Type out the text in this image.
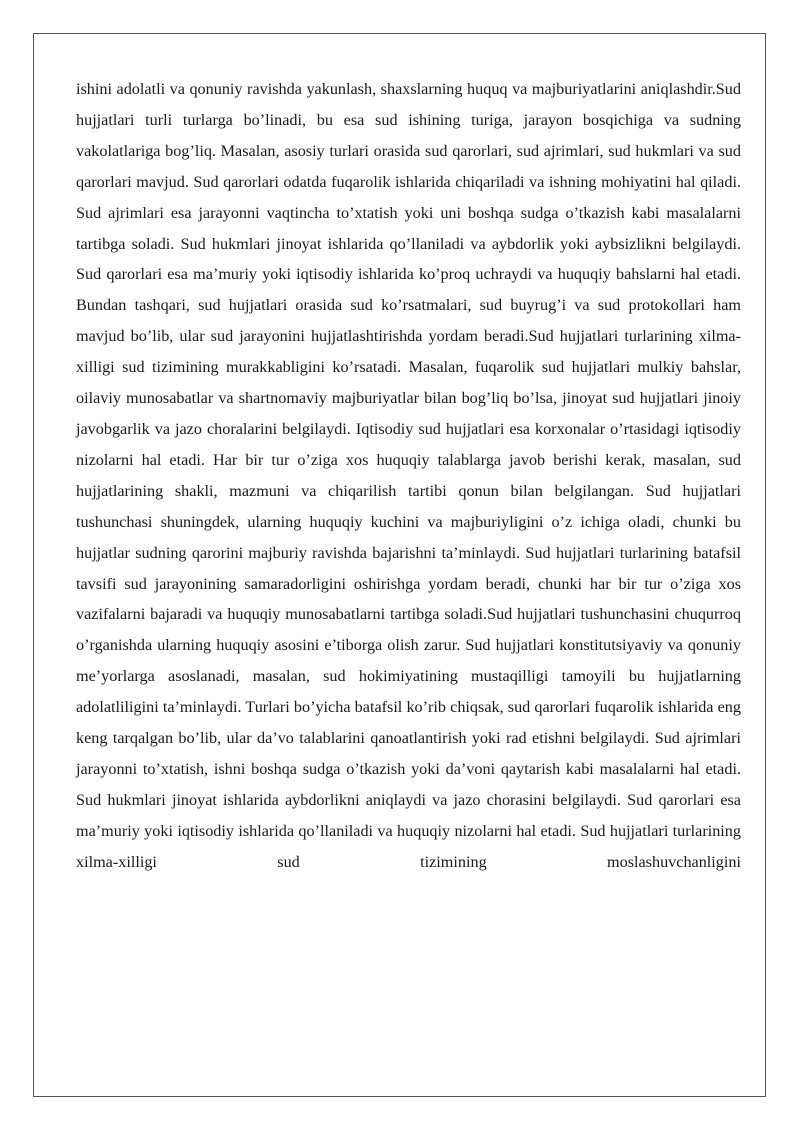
ishini adolatli va qonuniy ravishda yakunlash, shaxslarning huquq va majburiyatlarini aniqlashdir.Sud hujjatlari turli turlarga bo’linadi, bu esa sud ishining turiga, jarayon bosqichiga va sudning vakolatlariga bog’liq. Masalan, asosiy turlari orasida sud qarorlari, sud ajrimlari, sud hukmlari va sud qarorlari mavjud. Sud qarorlari odatda fuqarolik ishlarida chiqariladi va ishning mohiyatini hal qiladi. Sud ajrimlari esa jarayonni vaqtincha to’xtatish yoki uni boshqa sudga o’tkazish kabi masalalarni tartibga soladi. Sud hukmlari jinoyat ishlarida qo’llaniladi va aybdorlik yoki aybsizlikni belgilaydi. Sud qarorlari esa ma’muriy yoki iqtisodiy ishlarida ko’proq uchraydi va huquqiy bahslarni hal etadi. Bundan tashqari, sud hujjatlari orasida sud ko’rsatmalari, sud buyrug’i va sud protokollari ham mavjud bo’lib, ular sud jarayonini hujjatlashtirishda yordam beradi.Sud hujjatlari turlarining xilma-xilligi sud tizimining murakkabligini ko’rsatadi. Masalan, fuqarolik sud hujjatlari mulkiy bahslar, oilaviy munosabatlar va shartnomaviy majburiyatlar bilan bog’liq bo’lsa, jinoyat sud hujjatlari jinoiy javobgarlik va jazo choralarini belgilaydi. Iqtisodiy sud hujjatlari esa korxonalar o’rtasidagi iqtisodiy nizolarni hal etadi. Har bir tur o’ziga xos huquqiy talablarga javob berishi kerak, masalan, sud hujjatlarining shakli, mazmuni va chiqarilish tartibi qonun bilan belgilangan. Sud hujjatlari tushunchasi shuningdek, ularning huquqiy kuchini va majburiyligini o’z ichiga oladi, chunki bu hujjatlar sudning qarorini majburiy ravishda bajarishni ta’minlaydi. Sud hujjatlari turlarining batafsil tavsifi sud jarayonining samaradorligini oshirishga yordam beradi, chunki har bir tur o’ziga xos vazifalarni bajaradi va huquqiy munosabatlarni tartibga soladi.Sud hujjatlari tushunchasini chuqurroq o’rganishda ularning huquqiy asosini e’tiborga olish zarur. Sud hujjatlari konstitutsiyaviy va qonuniy me’yorlarga asoslanadi, masalan, sud hokimiyatining mustaqilligi tamoyili bu hujjatlarning adolatliligini ta’minlaydi. Turlari bo’yicha batafsil ko’rib chiqsak, sud qarorlari fuqarolik ishlarida eng keng tarqalgan bo’lib, ular da’vo talablarini qanoatlantirish yoki rad etishni belgilaydi. Sud ajrimlari jarayonni to’xtatish, ishni boshqa sudga o’tkazish yoki da’voni qaytarish kabi masalalarni hal etadi. Sud hukmlari jinoyat ishlarida aybdorlikni aniqlaydi va jazo chorasini belgilaydi. Sud qarorlari esa ma’muriy yoki iqtisodiy ishlarida qo’llaniladi va huquqiy nizolarni hal etadi. Sud hujjatlari turlarining xilma-xilligi sud tizimining moslashuvchanligini
